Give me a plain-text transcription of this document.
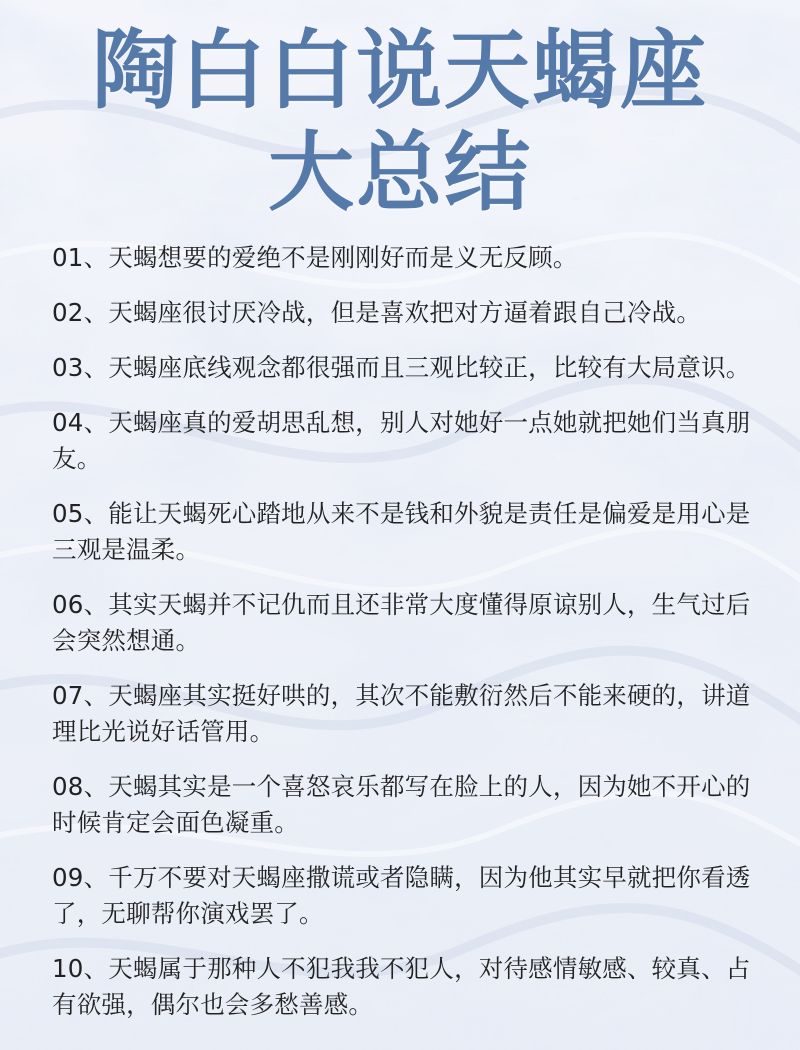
陶白白说天蝎座
大总结
01、天蝎想要的爱绝不是刚刚好而是义无反顾。
02、天蝎座很讨厌冷战，但是喜欢把对方逼着跟自己冷战。
03、天蝎座底线观念都很强而且三观比较正，比较有大局意识。
04、天蝎座真的爱胡思乱想，别人对她好一点她就把她们当真朋友。
05、能让天蝎死心踏地从来不是钱和外貌是责任是偏爱是用心是三观是温柔。
06、其实天蝎并不记仇而且还非常大度懂得原谅别人，生气过后会突然想通。
07、天蝎座其实挺好哄的，其次不能敷衍然后不能来硬的，讲道理比光说好话管用。
08、天蝎其实是一个喜怒哀乐都写在脸上的人，因为她不开心的时候肯定会面色凝重。
09、千万不要对天蝎座撒谎或者隐瞒，因为他其实早就把你看透了，无聊帮你演戏罢了。
10、天蝎属于那种人不犯我我不犯人，对待感情敏感、较真、占有欲强，偶尔也会多愁善感。
